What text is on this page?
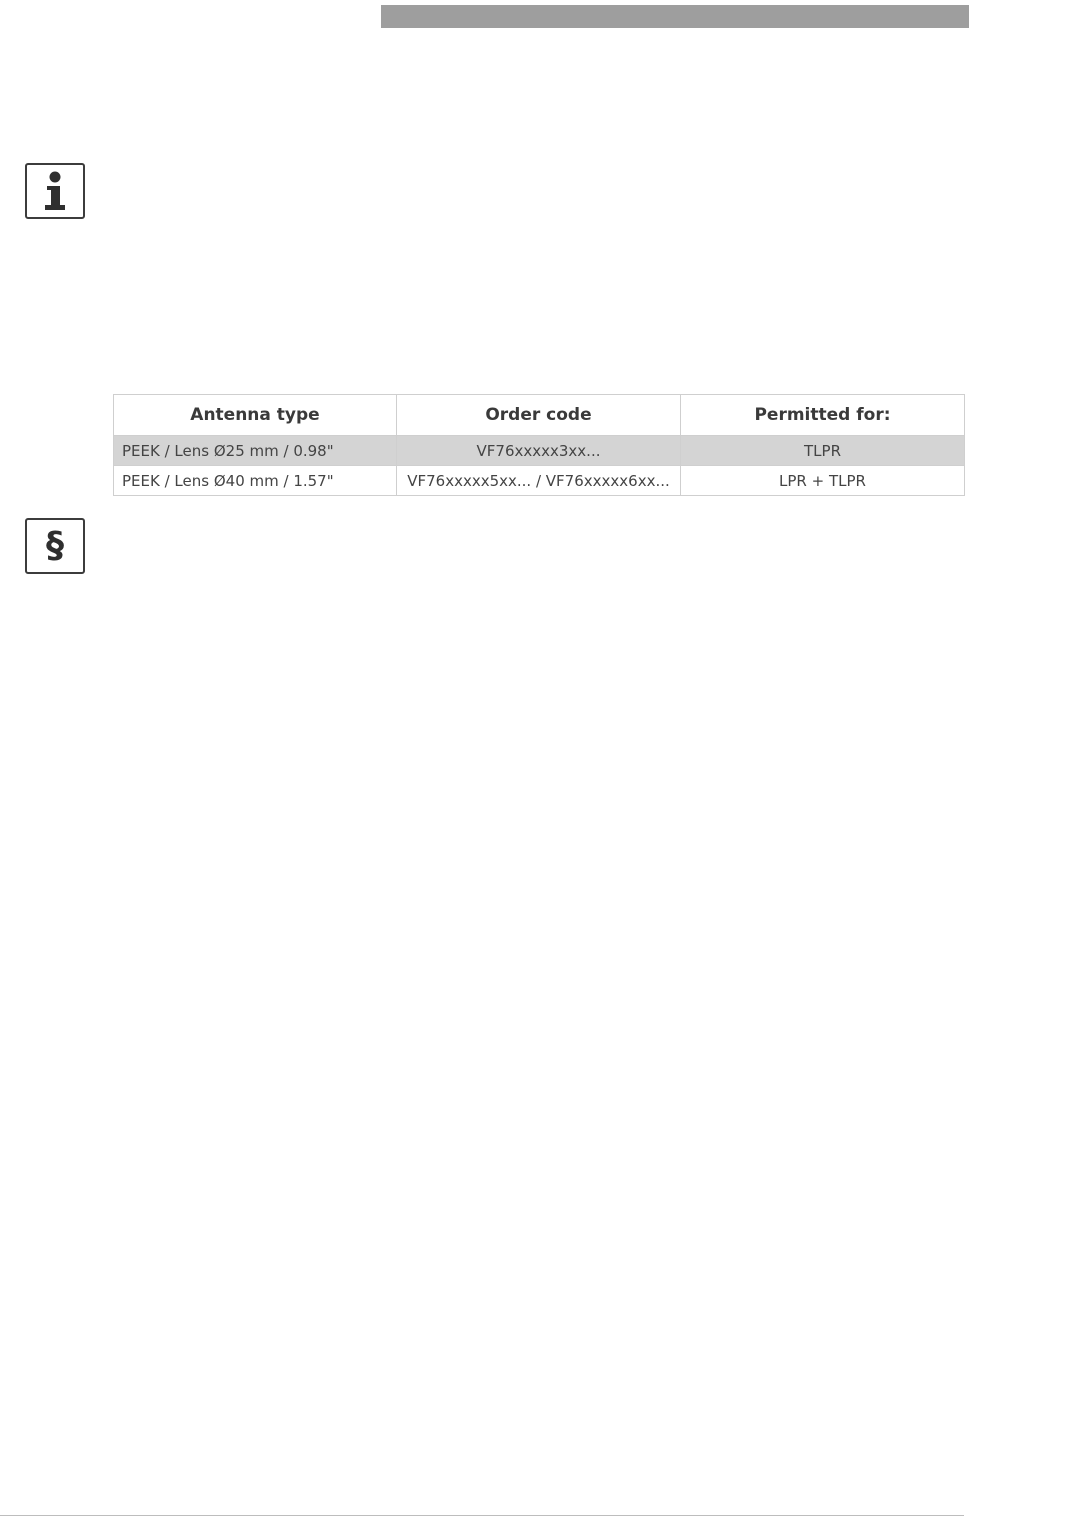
Antenna type	Order code	Permitted for:
PEEK / Lens Ø25 mm / 0.98"	VF76xxxxx3xx...	TLPR
PEEK / Lens Ø40 mm / 1.57"	VF76xxxxx5xx... / VF76xxxxx6xx...	LPR + TLPR
§
